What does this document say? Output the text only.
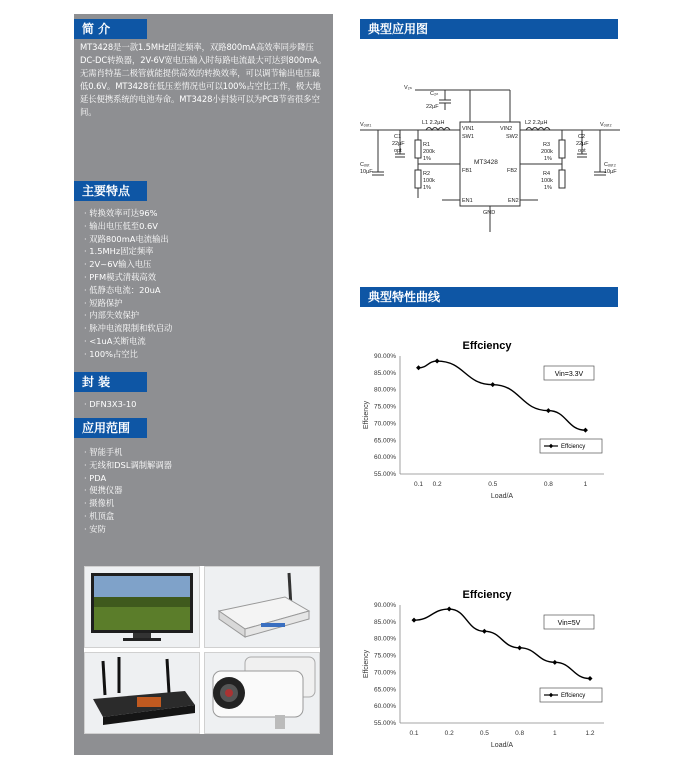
简 介
MT3428是一款1.5MHz固定频率，双路800mA高效率同步降压DC-DC转换器，2V-6V宽电压输入时每路电流最大可达到800mA。无需肖特基二极管就能提供高效的转换效率，可以调节输出电压最低0.6V。MT3428在低压差情况也可以100%占空比工作，极大地延长便携系统的电池寿命。MT3428小封装可以为PCB节省很多空间。
主要特点
· 转换效率可达96%
· 输出电压低至0.6V
· 双路800mA电流输出
· 1.5MHz固定频率
· 2V~6V输入电压
· PFM模式清载高效
· 低静态电流：20uA
· 短路保护
· 内部失效保护
· 脉冲电流限制和软启动
· <1uA关断电流
· 100%占空比
封 装
· DFN3X3-10
应用范围
· 智能手机
· 无线和DSL调制解调器
· PDA
· 便携仪器
· 摄像机
· 机顶盒
· 安防
典型应用图
V₂ₙ
C₂ₙ
22µF
Vₒᵤₜ₁	Vₒᵤₜ₂
L1 2.2µH	L2 2.2µH
MT3428
VIN1	VIN2
SW1	SW2
FB1	FB2
EN1	EN2
GND
C1
22µF
opt
C2
22µF
opt
R1
200k
1%
R2
100k
1%
R3
200k
1%
R4
100k
1%
Cₒᵤₜ
10µF
Cₒᵤₜ₂
10µF
典型特性曲线
Effciency
55.00%
60.00%
65.00%
70.00%
75.00%
80.00%
85.00%
90.00%
0.1 0.2	0.5	0.8	1
Load/A
Effciency
Vin=3.3V
Effciency
Effciency
55.00%
60.00%
65.00%
70.00%
75.00%
80.00%
85.00%
90.00%
0.1	0.2	0.5	0.8	1	1.2
Load/A
Effciency
Vin=5V
Effciency
